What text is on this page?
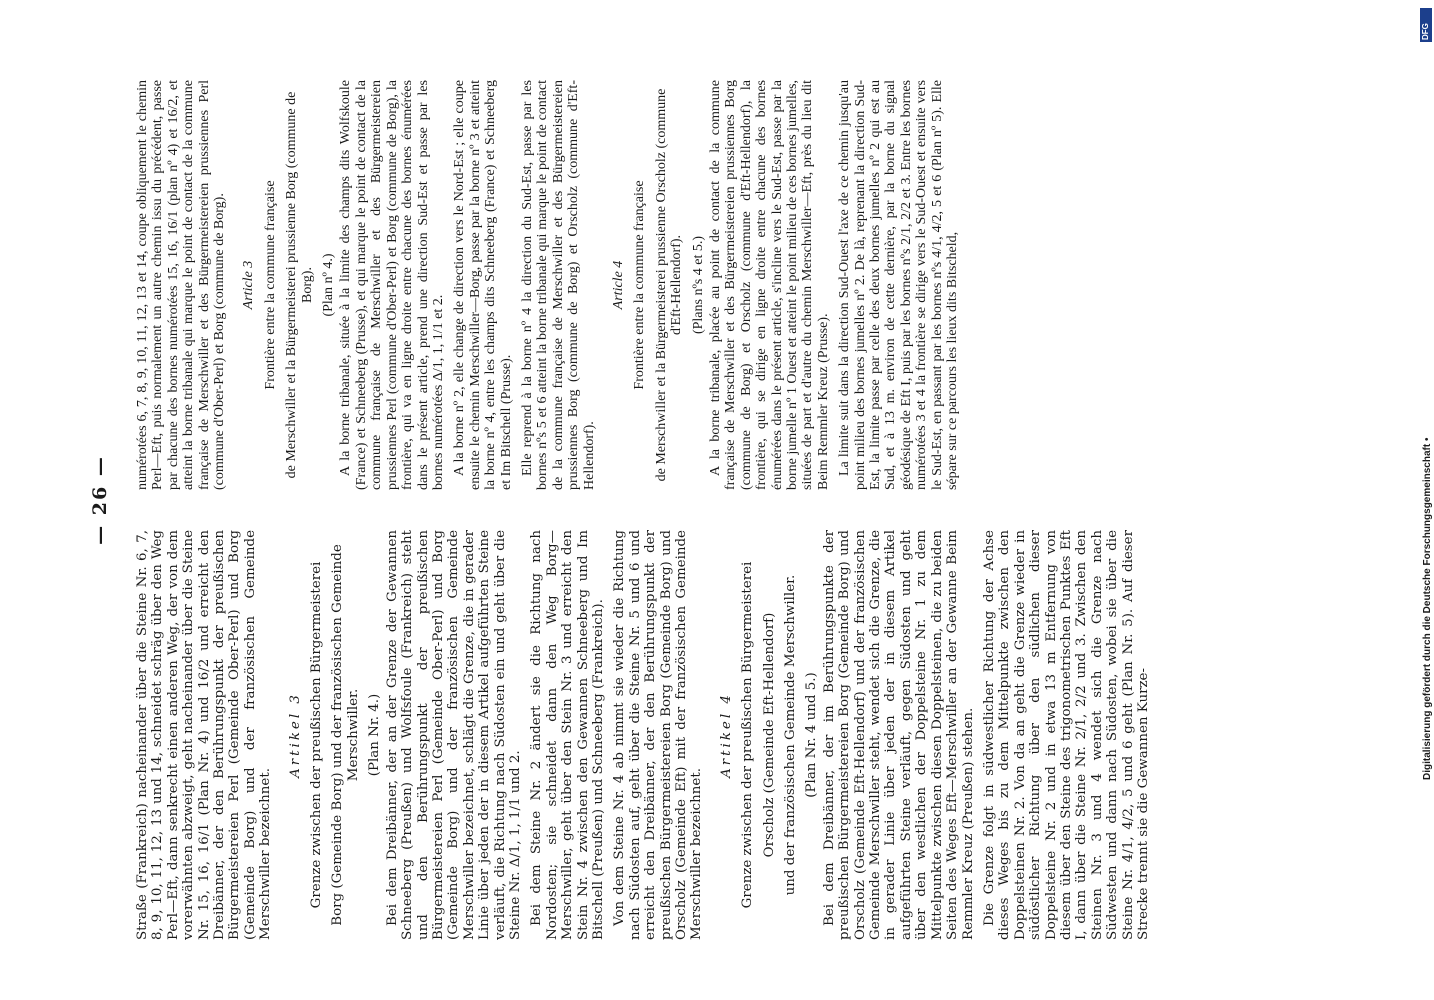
— 26 —

Straße (Frankreich) nacheinander über die Steine Nr. 6, 7, 8, 9, 10, 11, 12, 13 und 14, schneidet schräg über den Weg Perl—Eft, dann senkrecht einen anderen Weg, der von dem vorerwähnten abzweigt, geht nacheinander über die Steine Nr. 15, 16, 16/1 (Plan Nr. 4) und 16/2 und erreicht den Dreibänner, der den Berührungspunkt der preußischen Bürgermeistereien Perl (Gemeinde Ober-Perl) und Borg (Gemeinde Borg) und der französischen Gemeinde Merschwiller bezeichnet.

Artikel 3 Grenze zwischen der preußischen Bürgermeisterei Borg (Gemeinde Borg) und der französischen Gemeinde Merschwiller. (Plan Nr. 4.) Bei dem Dreibänner, der an der Grenze der Gewannen Schneeberg (Preußen) und Wolfsfoule (Frankreich) steht und den Berührungspunkt der preußischen Bürgermeistereien Perl (Gemeinde Ober-Perl) und Borg (Gemeinde Borg) und der französischen Gemeinde Merschwiller bezeichnet, schlägt die Grenze, die in gerader Linie über jeden der in diesem Artikel aufgeführten Steine verläuft, die Richtung nach Südosten ein und geht über die Steine Nr. Δ/1, 1, 1/1 und 2. Bei dem Steine Nr. 2 ändert sie die Richtung nach Nordosten; sie schneidet dann den Weg Borg—Merschwiller, geht über den Stein Nr. 3 und erreicht den Stein Nr. 4 zwischen den Gewannen Schneeberg und Im Bitschell (Preußen) und Schneeberg (Frankreich). Von dem Steine Nr. 4 ab nimmt sie wieder die Richtung nach Südosten auf, geht über die Steine Nr. 5 und 6 und erreicht den Dreibänner, der den Berührungspunkt der preußischen Bürgermeistereien Borg (Gemeinde Borg) und Orscholz (Gemeinde Eft) mit der französischen Gemeinde Merschwiller bezeichnet.

Artikel 4 Grenze zwischen der preußischen Bürgermeisterei Orscholz (Gemeinde Eft-Hellendorf) und der französischen Gemeinde Merschwiller. (Plan Nr. 4 und 5.) Bei dem Dreibänner, der im Berührungspunkte der preußischen Bürgermeistereien Borg (Gemeinde Borg) und Orscholz (Gemeinde Eft-Hellendorf) und der französischen Gemeinde Merschwiller steht, wendet sich die Grenze, die in gerader Linie über jeden der in diesem Artikel aufgeführten Steine verläuft, gegen Südosten und geht über den westlichen der Doppelsteine Nr. 1 zu dem Mittelpunkte zwischen diesen Doppelsteinen, die zu beiden Seiten des Weges Eft—Merschwiller an der Gewanne Beim Remmler Kreuz (Preußen) stehen. Die Grenze folgt in südwestlicher Richtung der Achse dieses Weges bis zu dem Mittelpunkte zwischen den Doppelsteinen Nr. 2. Von da an geht die Grenze wieder in südöstlicher Richtung über den südlichen dieser Doppelsteine Nr. 2 und in etwa 13 m Entfernung von diesem über den Steine des trigonometrischen Punktes Eft I, dann über die Steine Nr. 2/1, 2/2 und 3. Zwischen den Steinen Nr. 3 und 4 wendet sich die Grenze nach Südwesten und dann nach Südosten, wobei sie über die Steine Nr. 4/1, 4/2, 5 und 6 geht (Plan Nr. 5). Auf dieser Strecke trennt sie die Gewannen Kurze-

numérotées 6, 7, 8, 9, 10, 11, 12, 13 et 14, coupe obliquement le chemin Perl—Eft, puis normalement un autre chemin issu du précédent, passe par chacune des bornes numérotées 15, 16, 16/1 (plan nº 4) et 16/2, et atteint la borne tribanale qui marque le point de contact de la commune française de Merschwiller et des Bürgermeistereien prussiennes Perl (commune d'Ober-Perl) et Borg (commune de Borg). Article 3 Frontière entre la commune française de Merschwiller et la Bürgermeisterei prussienne Borg (commune de Borg). (Plan nº 4.) A la borne tribanale, située à la limite des champs dits Wolfskoule (France) et Schneeberg (Prusse), et qui marque le point de contact de la commune française de Merschwiller et des Bürgermeistereien prussiennes Perl (commune d'Ober-Perl) et Borg (commune de Borg), la frontière, qui va en ligne droite entre chacune des bornes énumérées dans le présent article, prend une direction Sud-Est et passe par les bornes numérotées Δ/1, 1, 1/1 et 2. A la borne nº 2, elle change de direction vers le Nord-Est ; elle coupe ensuite le chemin Merschwiller—Borg, passe par la borne nº 3 et atteint la borne nº 4, entre les champs dits Schneeberg (France) et Schneeberg et Im Bitschell (Prusse). Elle reprend à la borne nº 4 la direction du Sud-Est, passe par les bornes nºs 5 et 6 atteint la borne tribanale qui marque le point de contact de la commune française de Merschwiller et des Bürgermeistereien prussiennes Borg (commune de Borg) et Orscholz (commune d'Eft-Hellendorf).

Article 4 Frontière entre la commune française de Merschwiller et la Bürgermeisterei prussienne Orscholz (commune d'Eft-Hellendorf). (Plans nºs 4 et 5.) A la borne tribanale, placée au point de contact de la commune française de Merschwiller et des Bürgermeistereien prussiennes Borg (commune de Borg) et Orscholz (commune d'Eft-Hellendorf), la frontière, qui se dirige en ligne droite entre chacune des bornes énumérées dans le présent article, s'incline vers le Sud-Est, passe par la borne jumelle nº 1 Ouest et atteint le point milieu de ces bornes jumelles, situées de part et d'autre du chemin Merschwiller—Eft, près du lieu dit Beim Remmler Kreuz (Prusse). La limite suit dans la direction Sud-Ouest l'axe de ce chemin jusqu'au point milieu des bornes jumelles nº 2. De là, reprenant la direction Sud-Est, la limite passe par celle des deux bornes jumelles nº 2 qui est au Sud, et à 13 m. environ de cette dernière, par la borne du signal géodésique de Eft I, puis par les bornes nºs 2/1, 2/2 et 3. Entre les bornes numérotées 3 et 4 la frontière se dirige vers le Sud-Ouest et ensuite vers le Sud-Est, en passant par les bornes nºs 4/1, 4/2, 5 et 6 (Plan nº 5). Elle sépare sur ce parcours les lieux dits Bitscheld,

DFG
Digitalisierung gefördert durch die Deutsche Forschungsgemeinschaft •
